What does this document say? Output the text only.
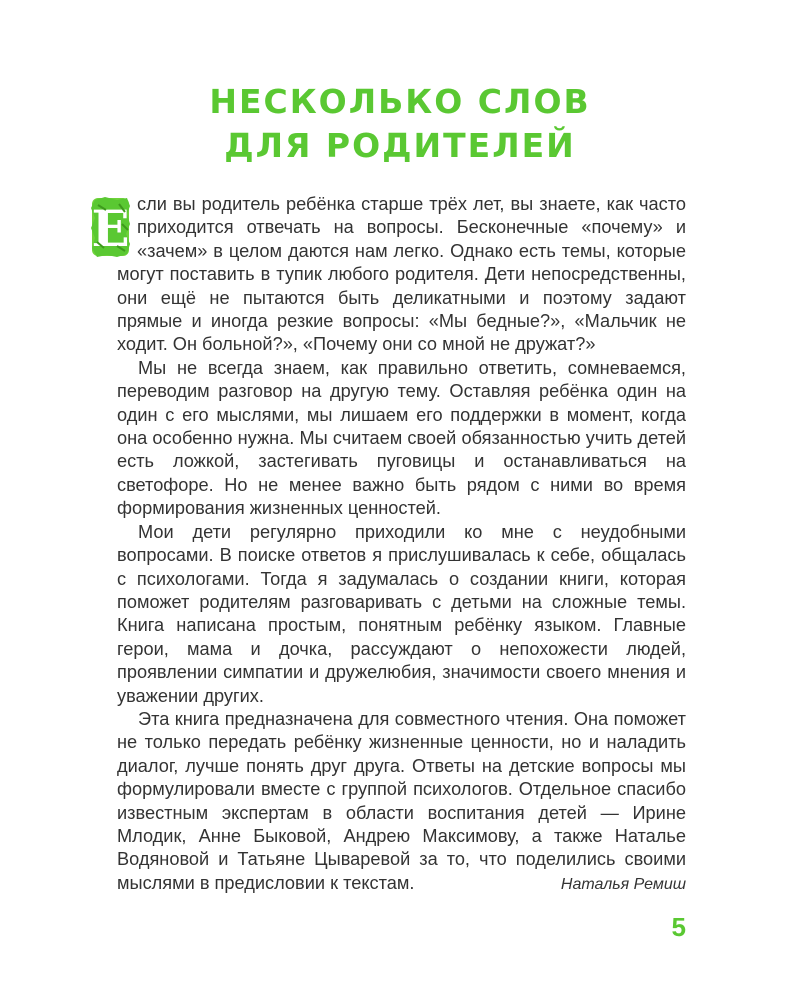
НЕСКОЛЬКО СЛОВ
ДЛЯ РОДИТЕЛЕЙ

Е сли вы родитель ребёнка старше трёх лет, вы знаете, как часто приходится отвечать на вопросы. Бесконечные «почему» и «зачем» в целом даются нам легко. Однако есть темы, которые могут поставить в тупик любого родителя. Дети непосредственны, они ещё не пытаются быть деликатными и поэтому задают прямые и иногда резкие вопросы: «Мы бедные?», «Мальчик не ходит. Он больной?», «Почему они со мной не дружат?»

Мы не всегда знаем, как правильно ответить, сомневаемся, переводим разговор на другую тему. Оставляя ребёнка один на один с его мыслями, мы лишаем его поддержки в момент, когда она особенно нужна. Мы считаем своей обязанностью учить детей есть ложкой, застегивать пуговицы и останавливаться на светофоре. Но не менее важно быть рядом с ними во время формирования жизненных ценностей.

Мои дети регулярно приходили ко мне с неудобными вопросами. В поиске ответов я прислушивалась к себе, общалась с психологами. Тогда я задумалась о создании книги, которая поможет родителям разговаривать с детьми на сложные темы. Книга написана простым, понятным ребёнку языком. Главные герои, мама и дочка, рассуждают о непохожести людей, проявлении симпатии и дружелюбия, значимости своего мнения и уважении других.

Эта книга предназначена для совместного чтения. Она поможет не только передать ребёнку жизненные ценности, но и наладить диалог, лучше понять друг друга. Ответы на детские вопросы мы формулировали вместе с группой психологов. Отдельное спасибо известным экспертам в области воспитания детей — Ирине Млодик, Анне Быковой, Андрею Максимову, а также Наталье Водяновой и Татьяне Цываревой за то, что поделились своими мыслями в предисловии к текстам.	Наталья Ремиш
5
